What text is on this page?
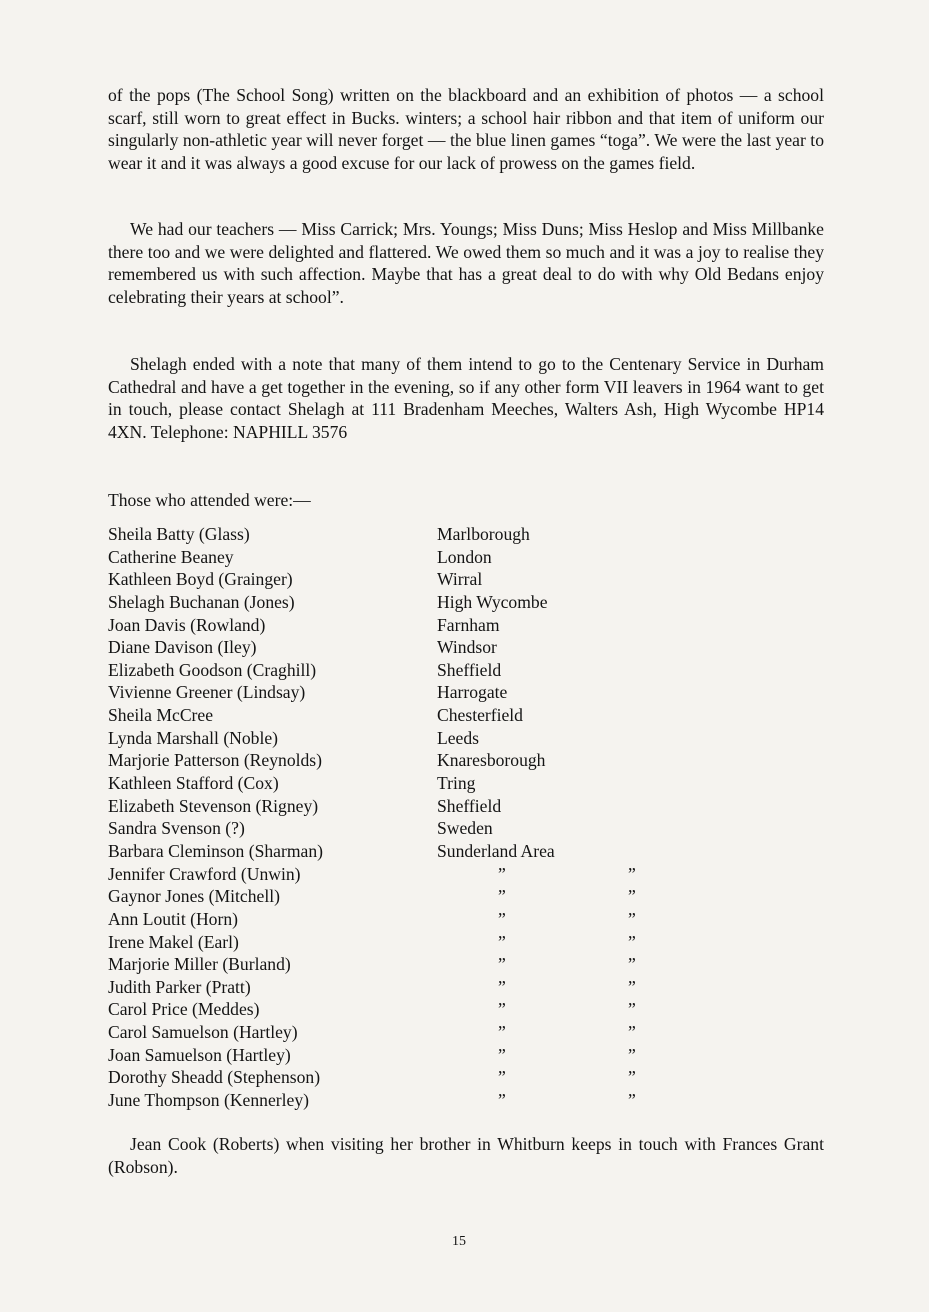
of the pops (The School Song) written on the blackboard and an exhibition of photos — a school scarf, still worn to great effect in Bucks. winters; a school hair ribbon and that item of uniform our singularly non-athletic year will never forget — the blue linen games “toga”. We were the last year to wear it and it was always a good excuse for our lack of prowess on the games field.

We had our teachers — Miss Carrick; Mrs. Youngs; Miss Duns; Miss Heslop and Miss Millbanke there too and we were delighted and flattered. We owed them so much and it was a joy to realise they remembered us with such affection. Maybe that has a great deal to do with why Old Bedans enjoy celebrating their years at school”.

Shelagh ended with a note that many of them intend to go to the Centenary Service in Durham Cathedral and have a get together in the evening, so if any other form VII leavers in 1964 want to get in touch, please contact Shelagh at 111 Bradenham Meeches, Walters Ash, High Wycombe HP14 4XN. Telephone: NAPHILL 3576

Those who attended were:—

Sheila Batty (Glass)	Marlborough
Catherine Beaney	London
Kathleen Boyd (Grainger)	Wirral
Shelagh Buchanan (Jones)	High Wycombe
Joan Davis (Rowland)	Farnham
Diane Davison (Iley)	Windsor
Elizabeth Goodson (Craghill)	Sheffield
Vivienne Greener (Lindsay)	Harrogate
Sheila McCree	Chesterfield
Lynda Marshall (Noble)	Leeds
Marjorie Patterson (Reynolds)	Knaresborough
Kathleen Stafford (Cox)	Tring
Elizabeth Stevenson (Rigney)	Sheffield
Sandra Svenson (?)	Sweden
Barbara Cleminson (Sharman)	Sunderland Area
Jennifer Crawford (Unwin)	”	”
Gaynor Jones (Mitchell)	”	”
Ann Loutit (Horn)	”	”
Irene Makel (Earl)	”	”
Marjorie Miller (Burland)	”	”
Judith Parker (Pratt)	”	”
Carol Price (Meddes)	”	”
Carol Samuelson (Hartley)	”	”
Joan Samuelson (Hartley)	”	”
Dorothy Sheadd (Stephenson)	”	”
June Thompson (Kennerley)	”	”

Jean Cook (Roberts) when visiting her brother in Whitburn keeps in touch with Frances Grant (Robson).

15
